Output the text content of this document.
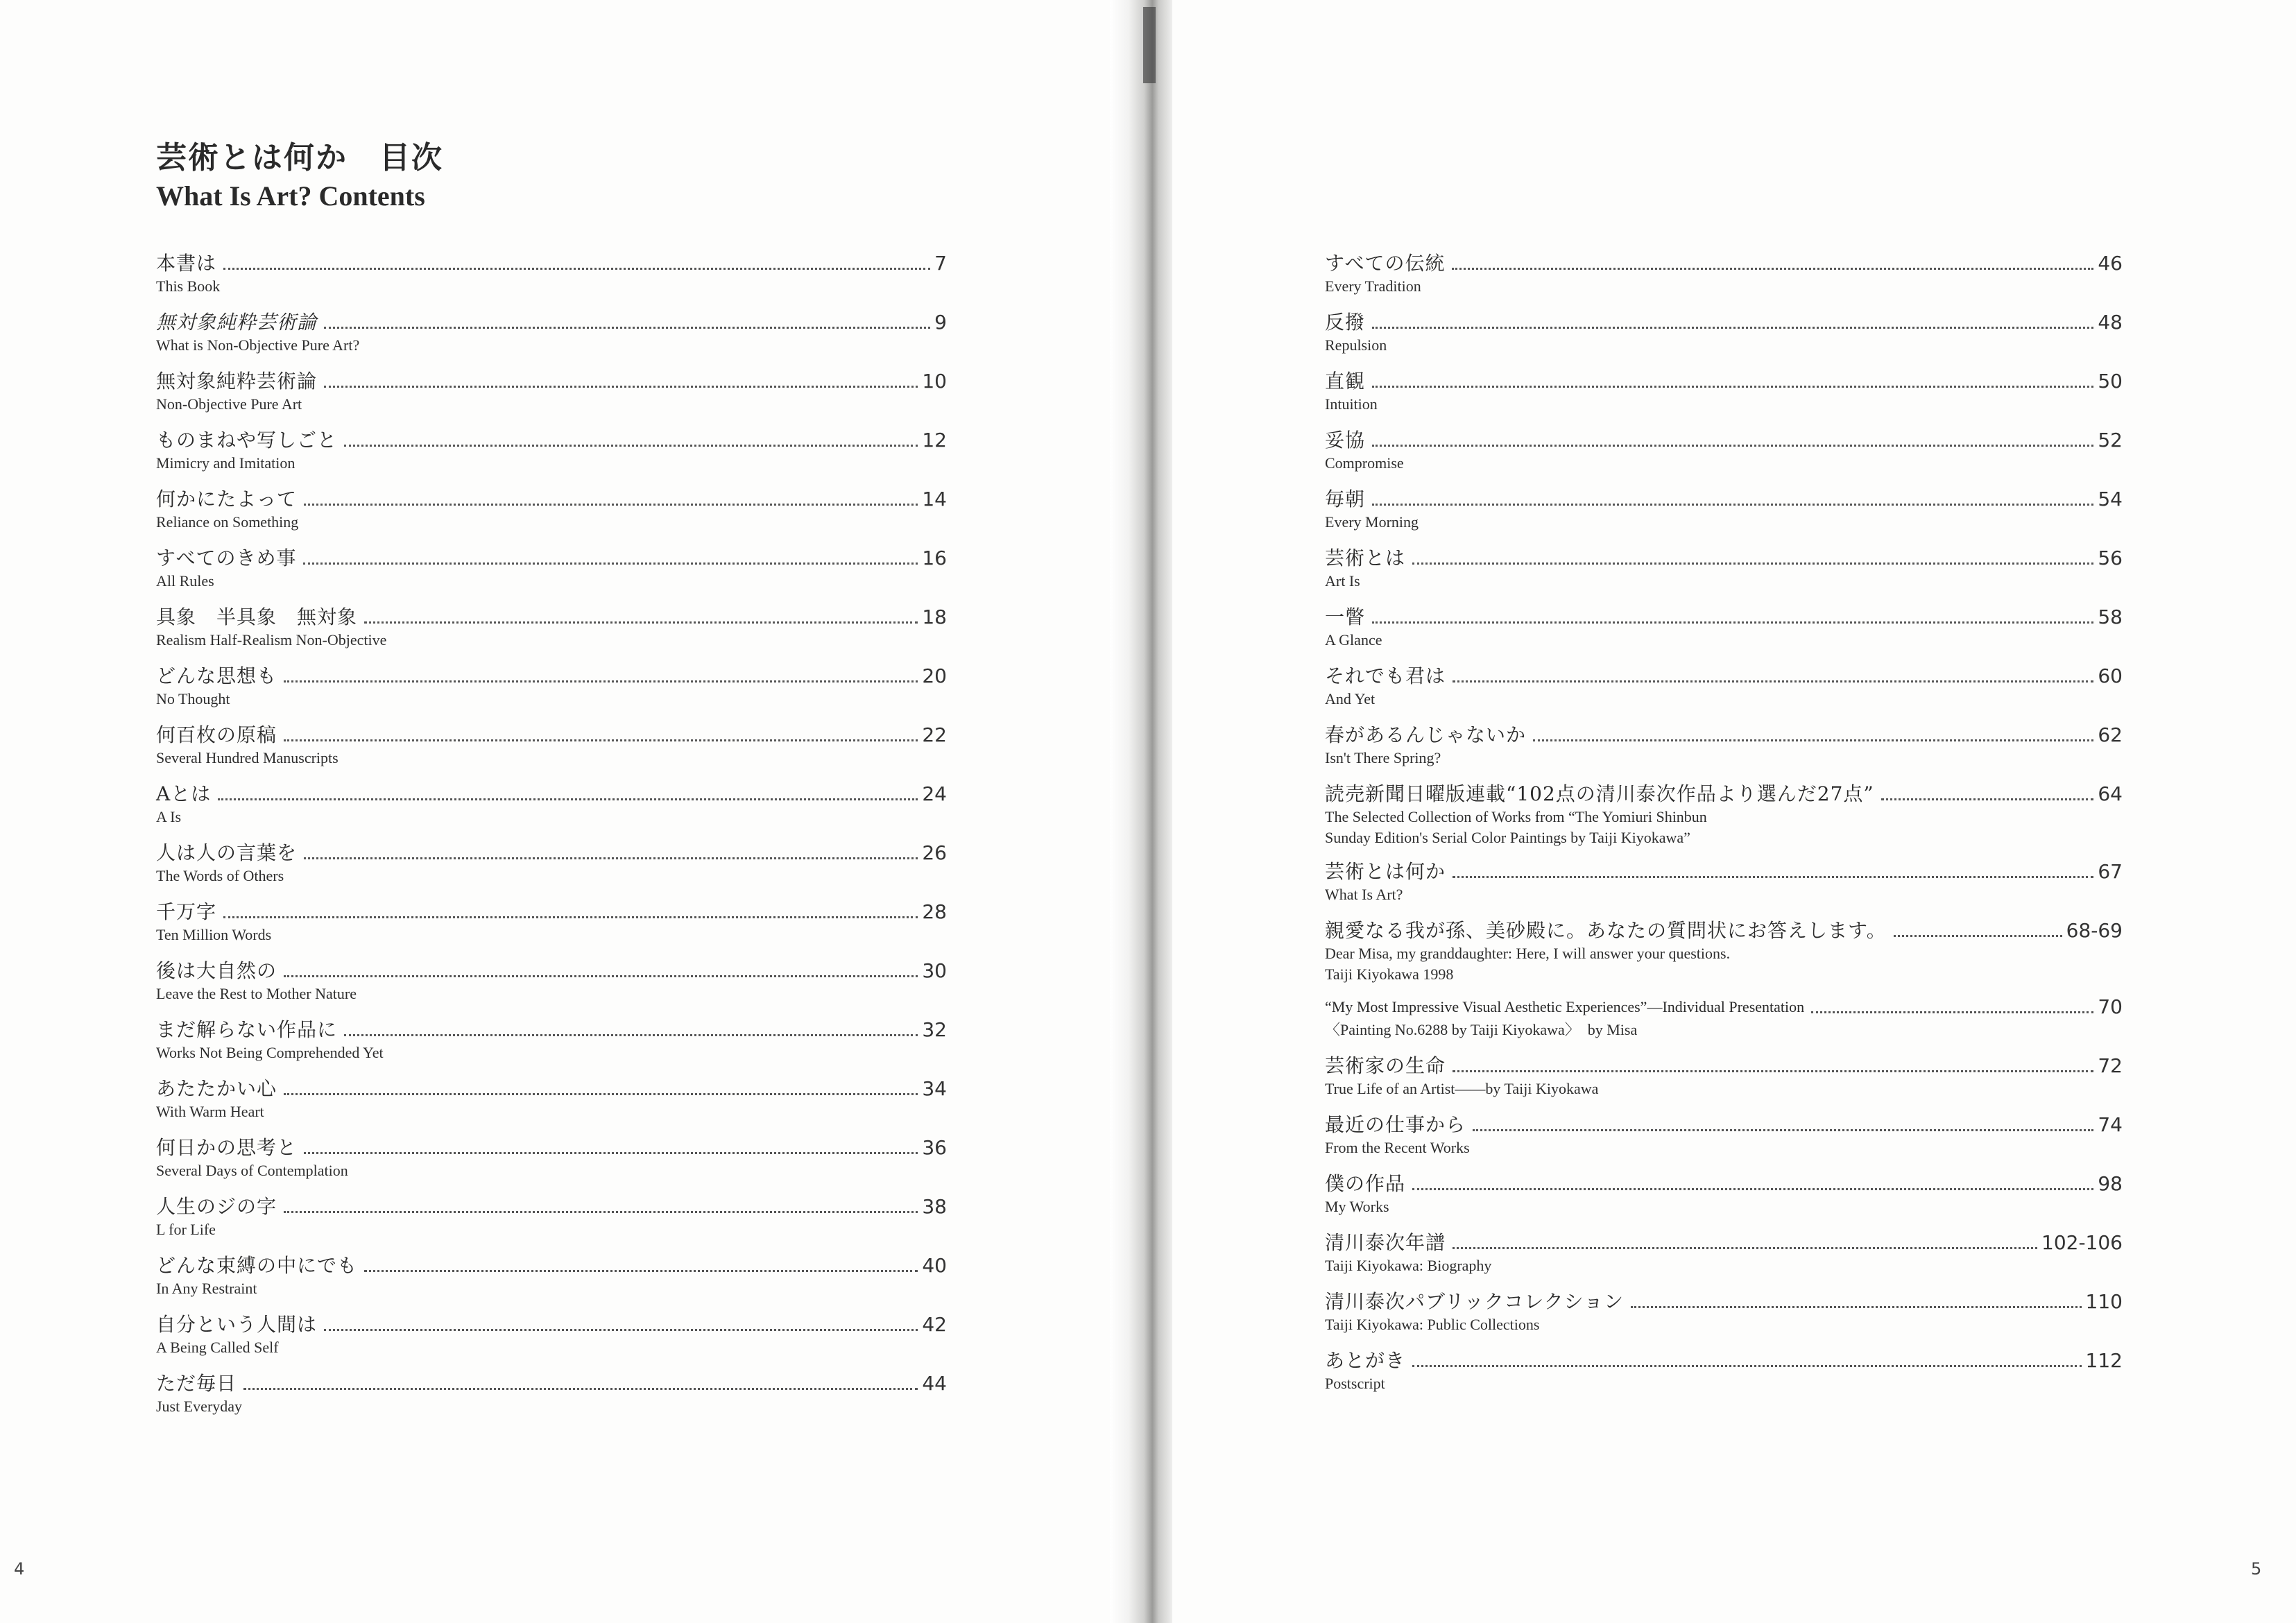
芸術とは何か　目次
What Is Art? Contents
本書は	7
This Book
無対象純粋芸術論	9
What is Non-Objective Pure Art?
無対象純粋芸術論	10
Non-Objective Pure Art
ものまねや写しごと	12
Mimicry and Imitation
何かにたよって	14
Reliance on Something
すべてのきめ事	16
All Rules
具象　半具象　無対象	18
Realism Half-Realism Non-Objective
どんな思想も	20
No Thought
何百枚の原稿	22
Several Hundred Manuscripts
Aとは	24
A Is
人は人の言葉を	26
The Words of Others
千万字	28
Ten Million Words
後は大自然の	30
Leave the Rest to Mother Nature
まだ解らない作品に	32
Works Not Being Comprehended Yet
あたたかい心	34
With Warm Heart
何日かの思考と	36
Several Days of Contemplation
人生のジの字	38
L for Life
どんな束縛の中にでも	40
In Any Restraint
自分という人間は	42
A Being Called Self
ただ毎日	44
Just Everyday
4	5
すべての伝統	46
Every Tradition
反撥	48
Repulsion
直観	50
Intuition
妥協	52
Compromise
毎朝	54
Every Morning
芸術とは	56
Art Is
一瞥	58
A Glance
それでも君は	60
And Yet
春があるんじゃないか	62
Isn't There Spring?
読売新聞日曜版連載“102点の清川泰次作品より選んだ27点”	64
The Selected Collection of Works from “The Yomiuri Shinbun
Sunday Edition's Serial Color Paintings by Taiji Kiyokawa”
芸術とは何か	67
What Is Art?
親愛なる我が孫、美砂殿に。あなたの質問状にお答えします。	68-69
Dear Misa, my granddaughter: Here, I will answer your questions.
Taiji Kiyokawa 1998
“My Most Impressive Visual Aesthetic Experiences”—Individual Presentation	70
〈Painting No.6288 by Taiji Kiyokawa〉　by Misa
芸術家の生命	72
True Life of an Artist――by Taiji Kiyokawa
最近の仕事から	74
From the Recent Works
僕の作品	98
My Works
清川泰次年譜	102-106
Taiji Kiyokawa: Biography
清川泰次パブリックコレクション	110
Taiji Kiyokawa: Public Collections
あとがき	112
Postscript
